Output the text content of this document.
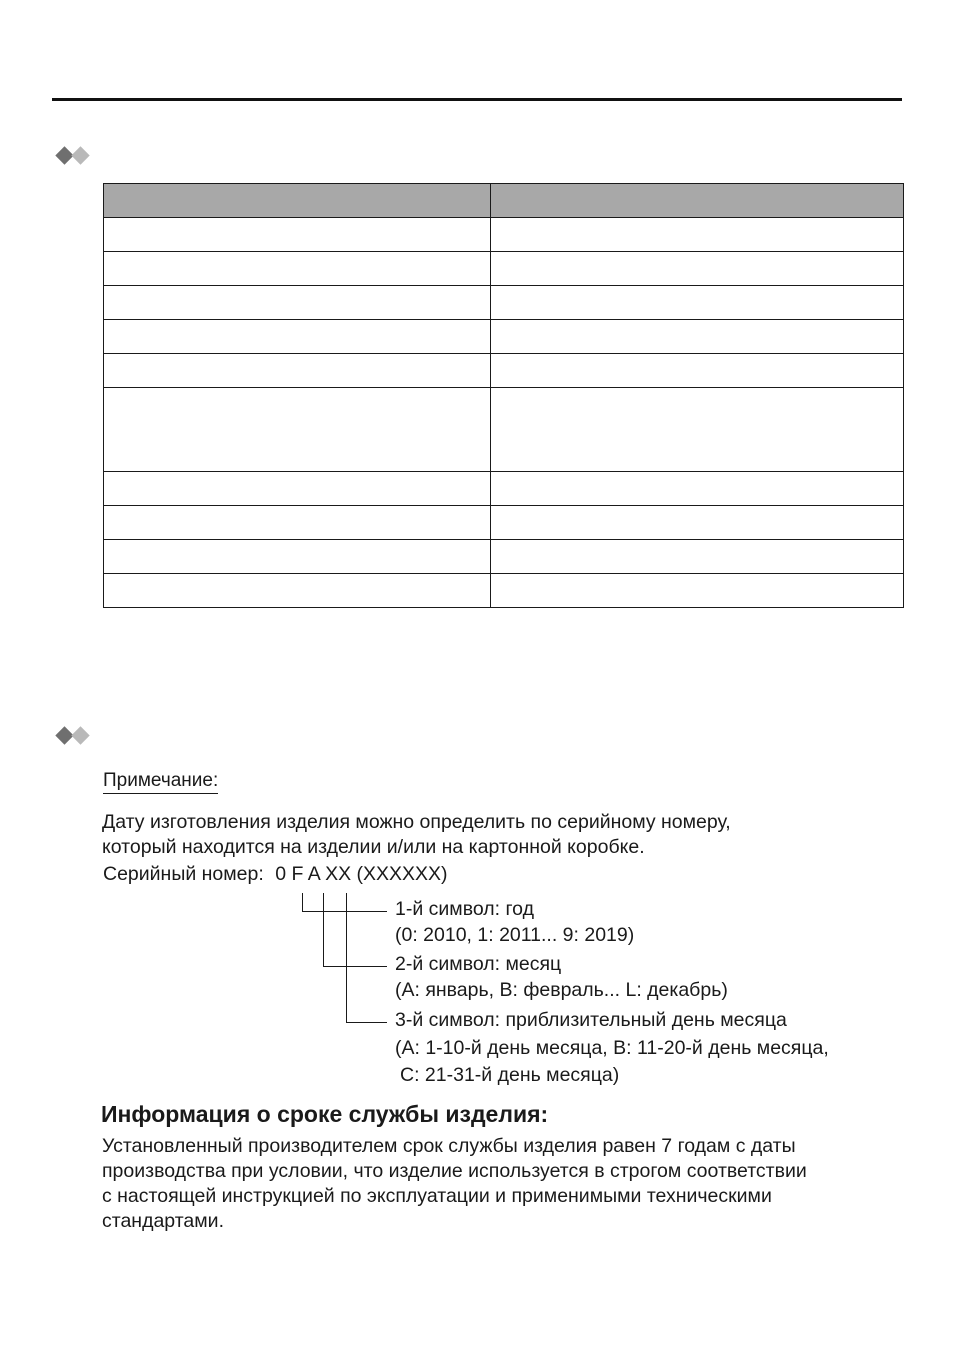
Примечание:
Дату изготовления изделия можно определить по серийному номеру,
который находится на изделии и/или на картонной коробке.
Серийный номер: 0 F A XX (XXXXXX)
1-й символ: год
(0: 2010, 1: 2011... 9: 2019)
2-й символ: месяц
(A: январь, B: февраль... L: декабрь)
3-й символ: приблизительный день месяца
(A: 1-10-й день месяца, B: 11-20-й день месяца,
C: 21-31-й день месяца)
Информация о сроке службы изделия:
Установленный производителем срок службы изделия равен 7 годам с даты
производства при условии, что изделие используется в строгом соответствии
с настоящей инструкцией по эксплуатации и применимыми техническими
стандартами.
